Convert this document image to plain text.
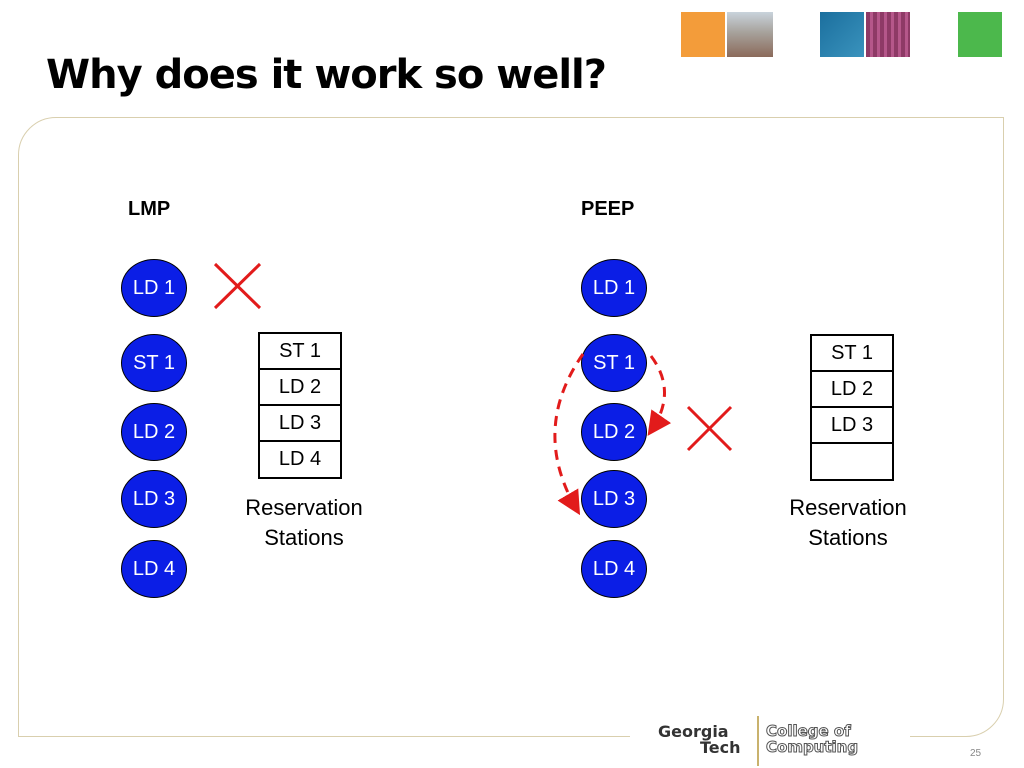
Why does it work so well?
LMP
LD 1
ST 1
LD 2
LD 3
LD 4
ST 1
LD 2
LD 3
LD 4
Reservation
Stations
PEEP
LD 1
ST 1
LD 2
LD 3
LD 4
ST 1
LD 2
LD 3
Reservation
Stations
Georgia
Tech
College of
Computing	25
